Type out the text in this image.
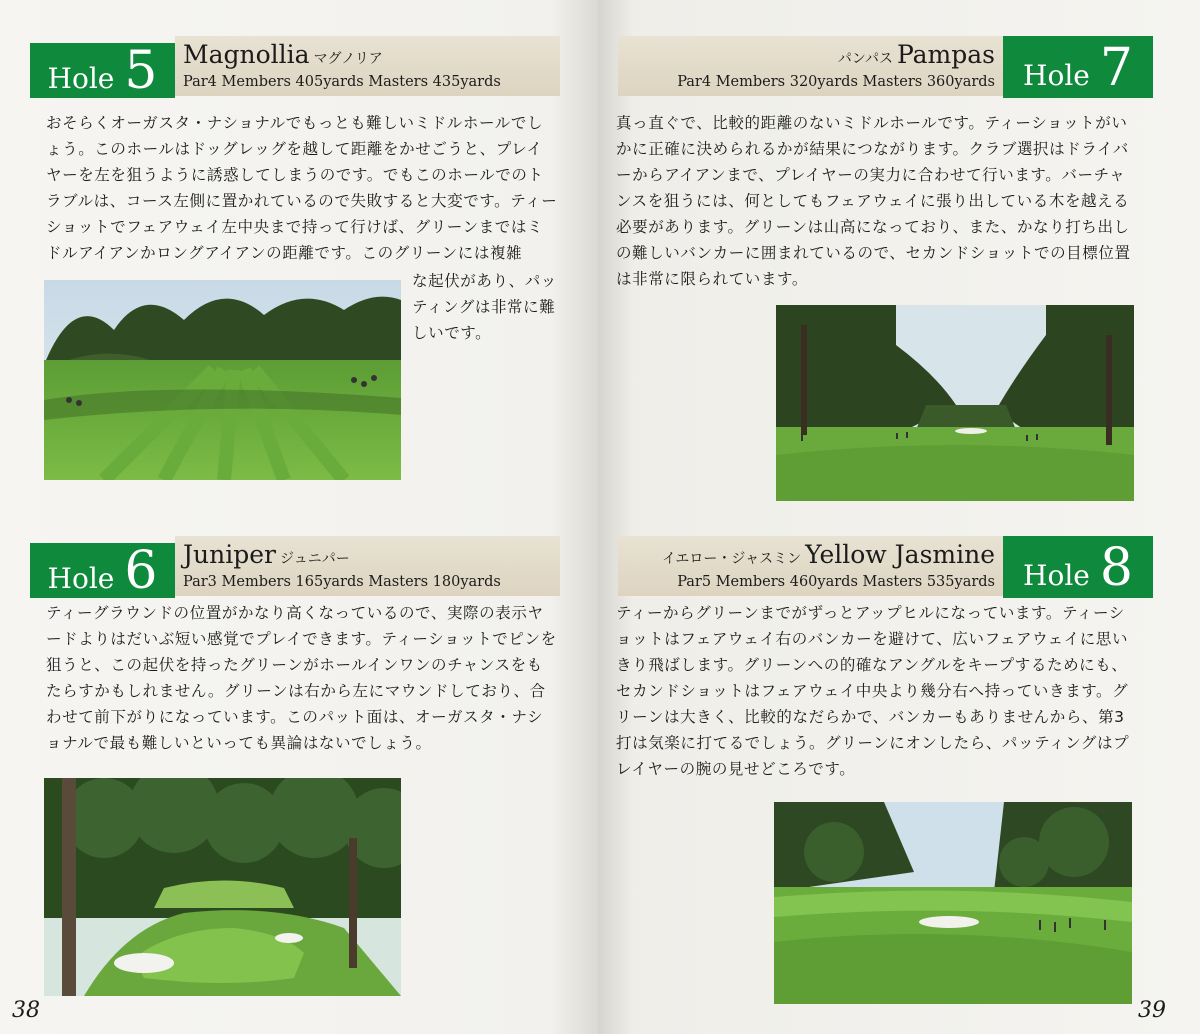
Magnollia マグノリア
Par4 Members 405yards Masters 435yards
Hole 5

おそらくオーガスタ・ナショナルでもっとも難しいミドルホールでしょう。このホールはドッグレッグを越して距離をかせごうと、プレイヤーを左を狙うように誘惑してしまうのです。でもこのホールでのトラブルは、コース左側に置かれているので失敗すると大変です。ティーショットでフェアウェイ左中央まで持って行けば、グリーンまではミドルアイアンかロングアイアンの距離です。このグリーンには複雑

な起伏があり、パッティングは非常に難しいです。

Juniper ジュニパー
Par3 Members 165yards Masters 180yards
Hole 6

ティーグラウンドの位置がかなり高くなっているので、実際の表示ヤードよりはだいぶ短い感覚でプレイできます。ティーショットでピンを狙うと、この起伏を持ったグリーンがホールインワンのチャンスをもたらすかもしれません。グリーンは右から左にマウンドしており、合わせて前下がりになっています。このパット面は、オーガスタ・ナショナルで最も難しいといっても異論はないでしょう。

38
パンパス Pampas
Par4 Members 320yards Masters 360yards Hole 7

真っ直ぐで、比較的距離のないミドルホールです。ティーショットがいかに正確に決められるかが結果につながります。クラブ選択はドライバーからアイアンまで、プレイヤーの実力に合わせて行います。バーチャンスを狙うには、何としてもフェアウェイに張り出している木を越える必要があります。グリーンは山高になっており、また、かなり打ち出しの難しいバンカーに囲まれているので、セカンドショットでの目標位置は非常に限られています。

イエロー・ジャスミン Yellow Jasmine
Par5 Members 460yards Masters 535yards Hole 8

ティーからグリーンまでがずっとアップヒルになっています。ティーショットはフェアウェイ右のバンカーを避けて、広いフェアウェイに思いきり飛ばします。グリーンへの的確なアングルをキープするためにも、セカンドショットはフェアウェイ中央より幾分右へ持っていきます。グリーンは大きく、比較的なだらかで、バンカーもありませんから、第3打は気楽に打てるでしょう。グリーンにオンしたら、パッティングはプレイヤーの腕の見せどころです。

39
